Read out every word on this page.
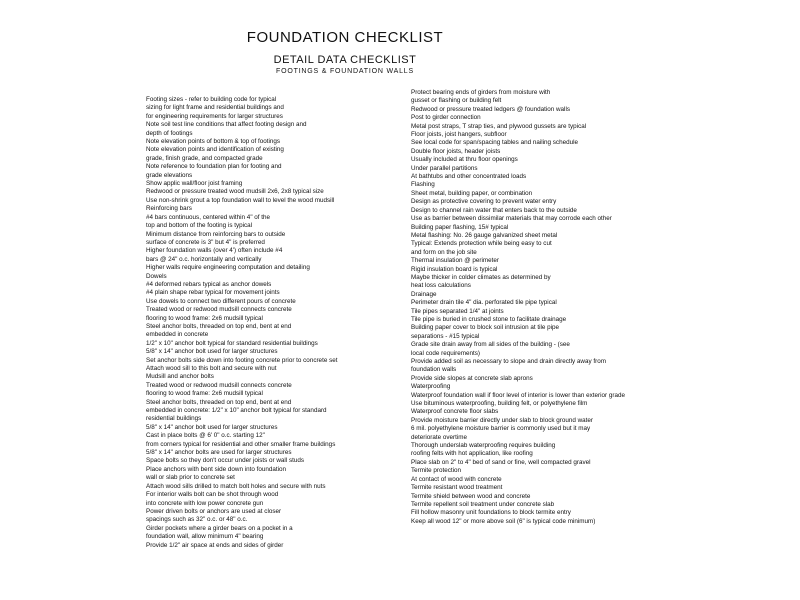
FOUNDATION CHECKLIST
DETAIL DATA CHECKLIST
FOOTINGS & FOUNDATION WALLS
Footing sizes - refer to building code for typical
sizing for light frame and residential buildings and
for engineering requirements for larger structures
Note soil test line conditions that affect footing design and
depth of footings
Note elevation points of bottom & top of footings
Note elevation points and identification of existing
grade, finish grade, and compacted grade
Note reference to foundation plan for footing and
grade elevations
Show applic wall/floor joist framing
Redwood or pressure treated wood mudsill 2x6, 2x8 typical size
Use non-shrink grout a top foundation wall to level the wood mudsill
Reinforcing bars
#4 bars continuous, centered within 4" of the
top and bottom of the footing is typical
Minimum distance from reinforcing bars to outside
surface of concrete is 3" but 4" is preferred
Higher foundation walls (over 4') often include #4
bars @ 24" o.c. horizontally and vertically
Higher walls require engineering computation and detailing
Dowels
#4 deformed rebars typical as anchor dowels
#4 plain shape rebar typical for movement joints
Use dowels to connect two different pours of concrete
Treated wood or redwood mudsill connects concrete
flooring to wood frame: 2x6 mudsill typical
Steel anchor bolts, threaded on top end, bent at end
embedded in concrete
1/2" x 10" anchor bolt typical for standard residential buildings
5/8" x 14" anchor bolt used for larger structures
Set anchor bolts side down into footing concrete prior to concrete set
Attach wood sill to this bolt and secure with nut
Mudsill and anchor bolts
Treated wood or redwood mudsill connects concrete
flooring to wood frame: 2x6 mudsill typical
Steel anchor bolts, threaded on top end, bent at end
embedded in concrete: 1/2" x 10" anchor bolt typical for standard
residential buildings
5/8" x 14" anchor bolt used for larger structures
Cast in place bolts @ 6' 0" o.c. starting 12"
from corners typical for residential and other smaller frame buildings
5/8" x 14" anchor bolts are used for larger structures
Space bolts so they don't occur under joists or wall studs
Place anchors with bent side down into foundation
wall or slab prior to concrete set
Attach wood sills drilled to match bolt holes and secure with nuts
For interior walls bolt can be shot through wood
into concrete with low power concrete gun
Power driven bolts or anchors are used at closer
spacings such as 32" o.c. or 48" o.c.
Girder pockets where a girder bears on a pocket in a
foundation wall, allow minimum 4" bearing
Provide 1/2" air space at ends and sides of girder
Protect bearing ends of girders from moisture with
gusset or flashing or building felt
Redwood or pressure treated ledgers @ foundation walls
Post to girder connection
Metal post straps, T strap ties, and plywood gussets are typical
Floor joists, joist hangers, subfloor
See local code for span/spacing tables and nailing schedule
Double floor joists, header joists
Usually included at thru floor openings
Under parallel partitions
At bathtubs and other concentrated loads
Flashing
Sheet metal, building paper, or combination
Design as protective covering to prevent water entry
Design to channel rain water that enters back to the outside
Use as barrier between dissimilar materials that may corrode each other
Building paper flashing, 15# typical
Metal flashing: No. 26 gauge galvanized sheet metal
Typical: Extends protection while being easy to cut
and form on the job site
Thermal insulation @ perimeter
Rigid insulation board is typical
Maybe thicker in colder climates as determined by
heat loss calculations
Drainage
Perimeter drain tile 4" dia. perforated tile pipe typical
Tile pipes separated 1/4" at joints
Tile pipe is buried in crushed stone to facilitate drainage
Building paper cover to block soil intrusion at tile pipe
separations - #15 typical
Grade site drain away from all sides of the building - (see
local code requirements)
Provide added soil as necessary to slope and drain directly away from
foundation walls
Provide side slopes at concrete slab aprons
Waterproofing
Waterproof foundation wall if floor level of interior is lower than exterior grade
Use bituminous waterproofing, building felt, or polyethylene film
Waterproof concrete floor slabs
Provide moisture barrier directly under slab to block ground water
6 mil. polyethylene moisture barrier is commonly used but it may
deteriorate overtime
Thorough underslab waterproofing requires building
roofing felts with hot application, like roofing
Place slab on 2" to 4" bed of sand or fine, well compacted gravel
Termite protection
At contact of wood with concrete
Termite resistant wood treatment
Termite shield between wood and concrete
Termite repellent soil treatment under concrete slab
Fill hollow masonry unit foundations to block termite entry
Keep all wood 12" or more above soil (6" is typical code minimum)
